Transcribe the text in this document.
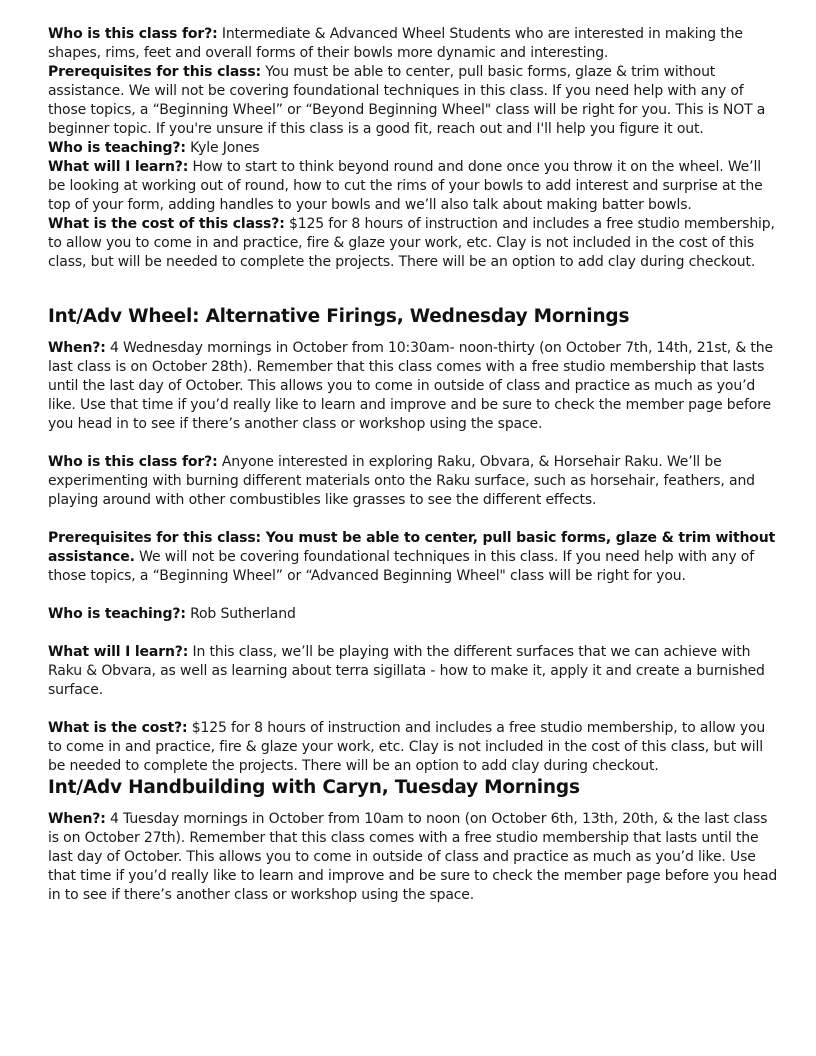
Who is this class for?: Intermediate & Advanced Wheel Students who are interested in making the shapes, rims, feet and overall forms of their bowls more dynamic and interesting.

Prerequisites for this class: You must be able to center, pull basic forms, glaze & trim without assistance. We will not be covering foundational techniques in this class. If you need help with any of those topics, a “Beginning Wheel” or “Beyond Beginning Wheel" class will be right for you. This is NOT a beginner topic. If you're unsure if this class is a good fit, reach out and I'll help you figure it out.

Who is teaching?: Kyle Jones

What will I learn?: How to start to think beyond round and done once you throw it on the wheel. We’ll be looking at working out of round, how to cut the rims of your bowls to add interest and surprise at the top of your form, adding handles to your bowls and we’ll also talk about making batter bowls.

What is the cost of this class?: $125 for 8 hours of instruction and includes a free studio membership, to allow you to come in and practice, fire & glaze your work, etc. Clay is not included in the cost of this class, but will be needed to complete the projects. There will be an option to add clay during checkout.

Int/Adv Wheel: Alternative Firings, Wednesday Mornings

When?: 4 Wednesday mornings in October from 10:30am- noon-thirty (on October 7th, 14th, 21st, & the last class is on October 28th). Remember that this class comes with a free studio membership that lasts until the last day of October. This allows you to come in outside of class and practice as much as you’d like. Use that time if you’d really like to learn and improve and be sure to check the member page before you head in to see if there’s another class or workshop using the space.

Who is this class for?: Anyone interested in exploring Raku, Obvara, & Horsehair Raku. We’ll be experimenting with burning different materials onto the Raku surface, such as horsehair, feathers, and playing around with other combustibles like grasses to see the different effects.

Prerequisites for this class: You must be able to center, pull basic forms, glaze & trim without assistance. We will not be covering foundational techniques in this class. If you need help with any of those topics, a “Beginning Wheel” or “Advanced Beginning Wheel" class will be right for you.

Who is teaching?: Rob Sutherland

What will I learn?: In this class, we’ll be playing with the different surfaces that we can achieve with Raku & Obvara, as well as learning about terra sigillata - how to make it, apply it and create a burnished surface.

What is the cost?: $125 for 8 hours of instruction and includes a free studio membership, to allow you to come in and practice, fire & glaze your work, etc. Clay is not included in the cost of this class, but will be needed to complete the projects. There will be an option to add clay during checkout.

Int/Adv Handbuilding with Caryn, Tuesday Mornings

When?: 4 Tuesday mornings in October from 10am to noon (on October 6th, 13th, 20th, & the last class is on October 27th). Remember that this class comes with a free studio membership that lasts until the last day of October. This allows you to come in outside of class and practice as much as you’d like. Use that time if you’d really like to learn and improve and be sure to check the member page before you head in to see if there’s another class or workshop using the space.
